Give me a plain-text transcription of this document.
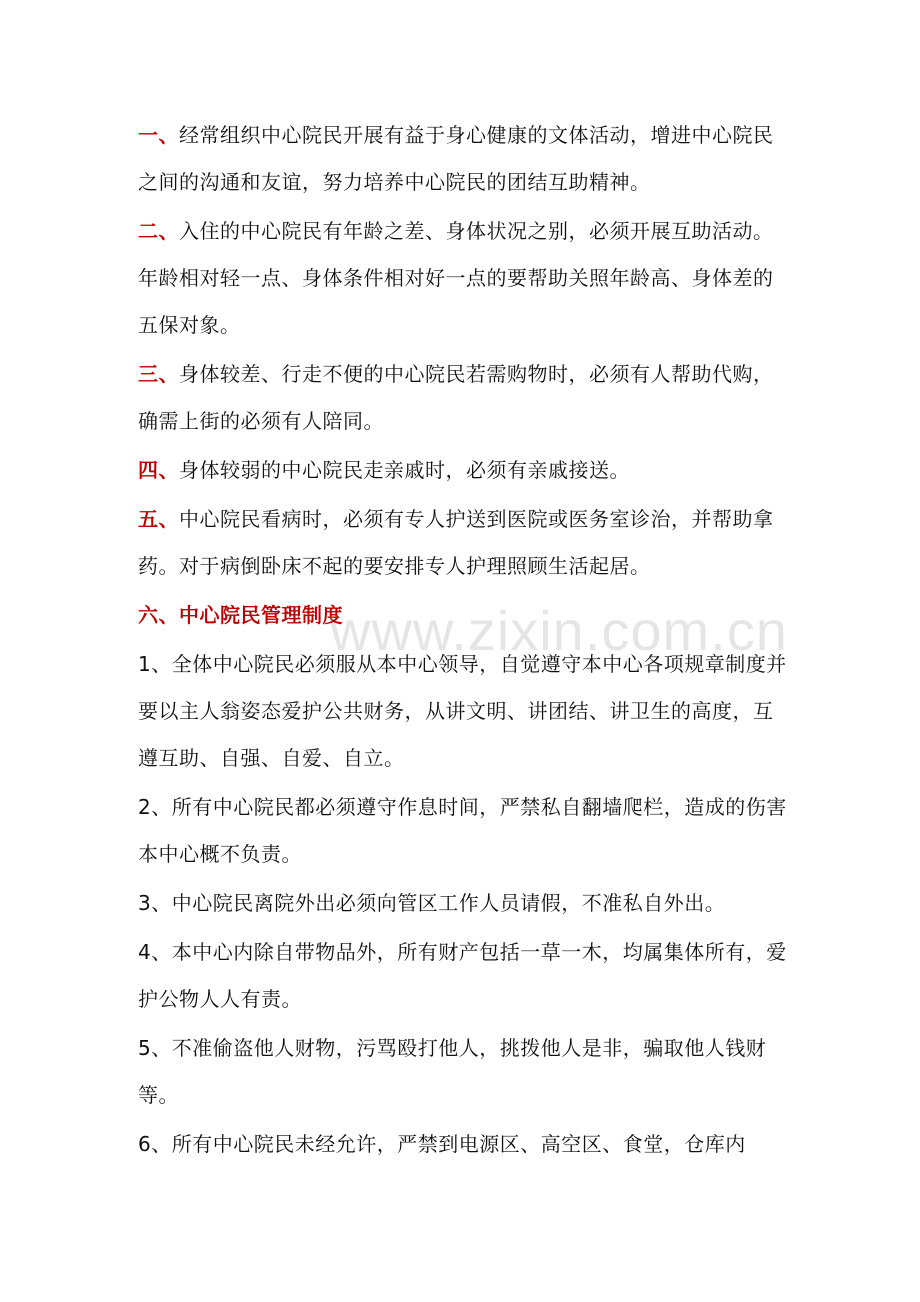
www.zixin.com.cn

一、经常组织中心院民开展有益于身心健康的文体活动，增进中心院民之间的沟通和友谊，努力培养中心院民的团结互助精神。

二、入住的中心院民有年龄之差、身体状况之别，必须开展互助活动。年龄相对轻一点、身体条件相对好一点的要帮助关照年龄高、身体差的五保对象。

三、身体较差、行走不便的中心院民若需购物时，必须有人帮助代购，确需上街的必须有人陪同。

四、身体较弱的中心院民走亲戚时，必须有亲戚接送。

五、中心院民看病时，必须有专人护送到医院或医务室诊治，并帮助拿药。对于病倒卧床不起的要安排专人护理照顾生活起居。

六、中心院民管理制度

1、全体中心院民必须服从本中心领导，自觉遵守本中心各项规章制度并要以主人翁姿态爱护公共财务，从讲文明、讲团结、讲卫生的高度，互遵互助、自强、自爱、自立。

2、所有中心院民都必须遵守作息时间，严禁私自翻墙爬栏，造成的伤害本中心概不负责。

3、中心院民离院外出必须向管区工作人员请假，不准私自外出。

4、本中心内除自带物品外，所有财产包括一草一木，均属集体所有，爱护公物人人有责。

5、不准偷盗他人财物，污骂殴打他人，挑拨他人是非，骗取他人钱财等。

6、所有中心院民未经允许，严禁到电源区、高空区、食堂，仓库内
